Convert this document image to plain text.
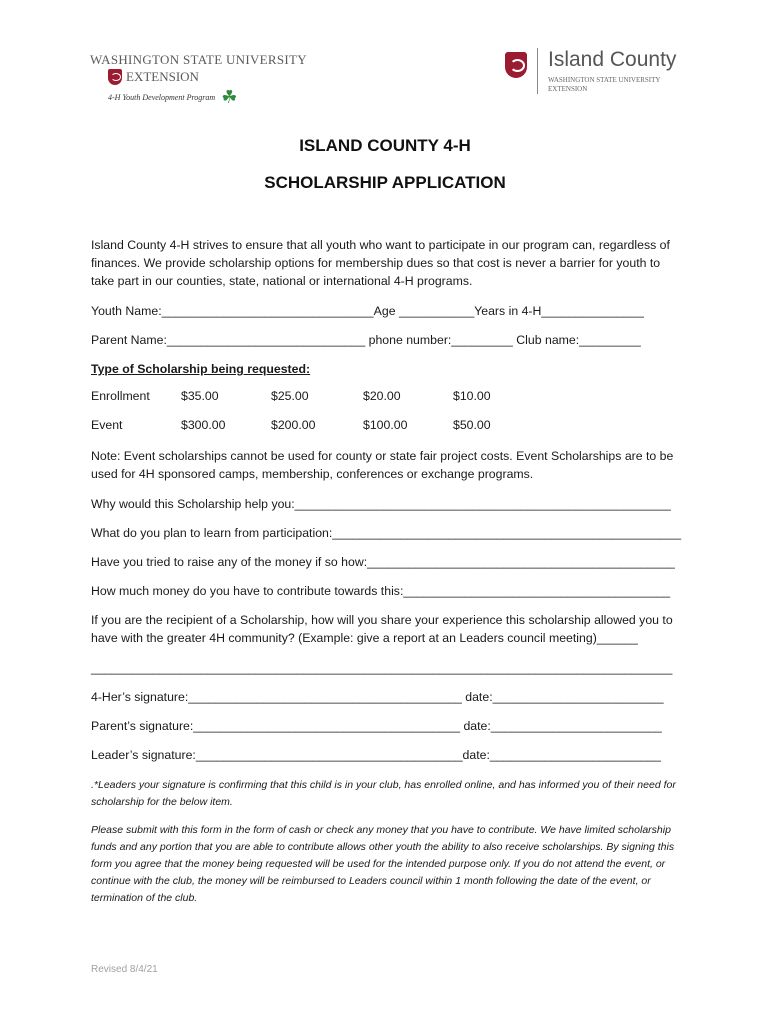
WASHINGTON STATE UNIVERSITY
EXTENSION
4-H Youth Development Program ☘
Island County
WASHINGTON STATE UNIVERSITY
EXTENSION
ISLAND COUNTY 4-H
SCHOLARSHIP APPLICATION
Island County 4-H strives to ensure that all youth who want to participate in our program can, regardless of finances. We provide scholarship options for membership dues so that cost is never a barrier for youth to take part in our counties, state, national or international 4-H programs.
Youth Name:_______________________________Age ___________Years in 4-H_______________
Parent Name:_____________________________ phone number:_________ Club name:_________
Type of Scholarship being requested:
Enrollment	$35.00	$25.00	$20.00	$10.00
Event	$300.00	$200.00	$100.00	$50.00
Note: Event scholarships cannot be used for county or state fair project costs. Event Scholarships are to be used for 4H sponsored camps, membership, conferences or exchange programs.
Why would this Scholarship help you:_______________________________________________________
What do you plan to learn from participation:___________________________________________________
Have you tried to raise any of the money if so how:_____________________________________________
How much money do you have to contribute towards this:_______________________________________
If you are the recipient of a Scholarship, how will you share your experience this scholarship allowed you to have with the greater 4H community? (Example: give a report at an Leaders council meeting)______
_____________________________________________________________________________________
4-Her’s signature:________________________________________ date:_________________________
Parent’s signature:_______________________________________ date:_________________________
Leader’s signature:_______________________________________date:_________________________
.*Leaders your signature is confirming that this child is in your club, has enrolled online, and has informed you of their need for scholarship for the below item.
Please submit with this form in the form of cash or check any money that you have to contribute. We have limited scholarship funds and any portion that you are able to contribute allows other youth the ability to also receive scholarships. By signing this form you agree that the money being requested will be used for the intended purpose only. If you do not attend the event, or continue with the club, the money will be reimbursed to Leaders council within 1 month following the date of the event, or termination of the club.
Revised 8/4/21
